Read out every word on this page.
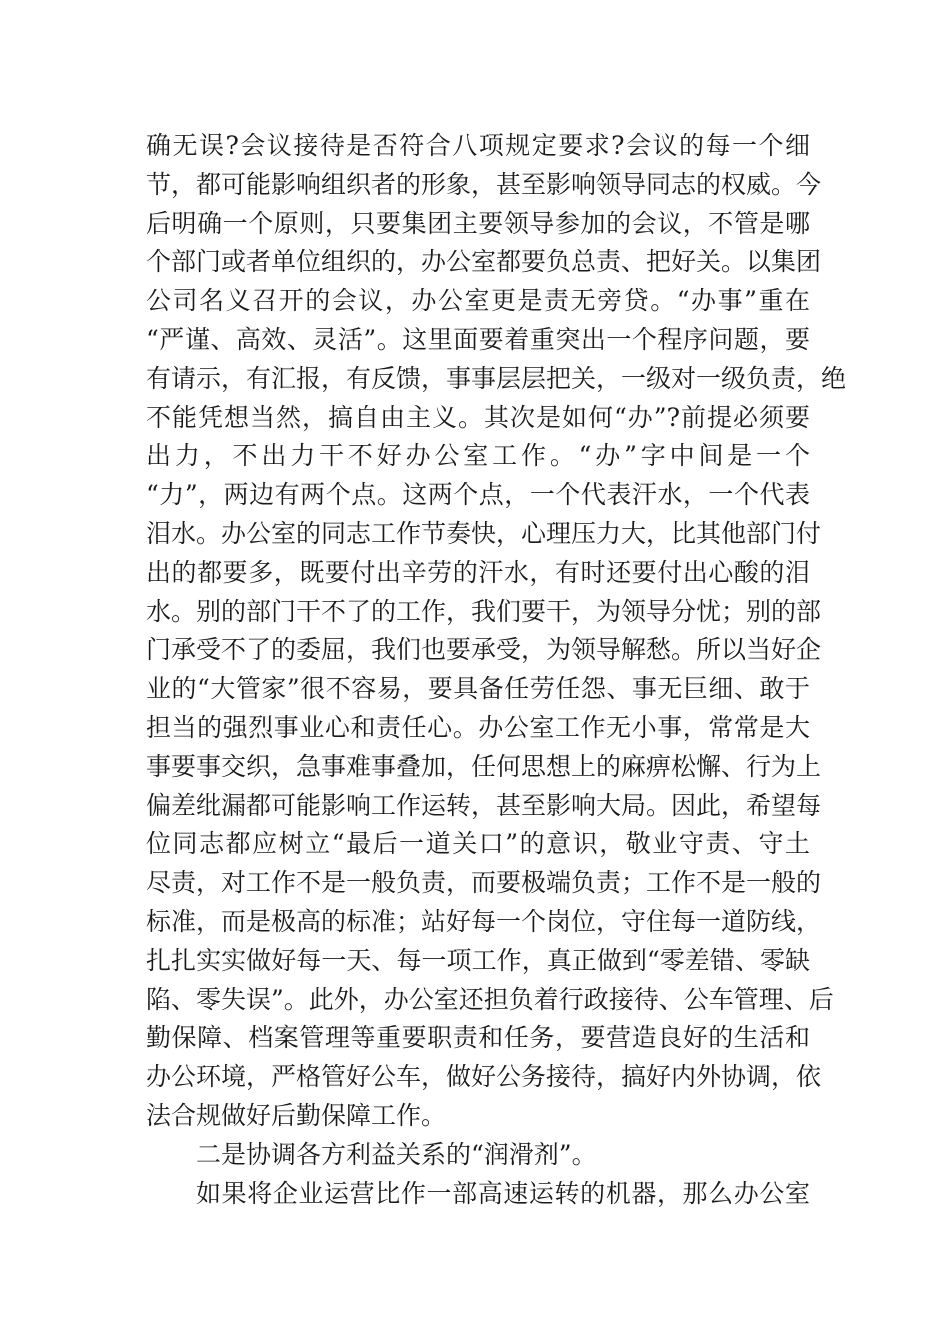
确无误?会议接待是否符合八项规定要求?会议的每一个细
节，都可能影响组织者的形象，甚至影响领导同志的权威。今
后明确一个原则，只要集团主要领导参加的会议，不管是哪
个部门或者单位组织的，办公室都要负总责、把好关。以集团
公司名义召开的会议，办公室更是责无旁贷。“办事”重在
“严谨、高效、灵活”。这里面要着重突出一个程序问题，要
有请示，有汇报，有反馈，事事层层把关，一级对一级负责，绝
不能凭想当然，搞自由主义。其次是如何“办”?前提必须要
出力，不出力干不好办公室工作。“办”字中间是一个
“力”，两边有两个点。这两个点，一个代表汗水，一个代表
泪水。办公室的同志工作节奏快，心理压力大，比其他部门付
出的都要多，既要付出辛劳的汗水，有时还要付出心酸的泪
水。别的部门干不了的工作，我们要干，为领导分忧；别的部
门承受不了的委屈，我们也要承受，为领导解愁。所以当好企
业的“大管家”很不容易，要具备任劳任怨、事无巨细、敢于
担当的强烈事业心和责任心。办公室工作无小事，常常是大
事要事交织，急事难事叠加，任何思想上的麻痹松懈、行为上
偏差纰漏都可能影响工作运转，甚至影响大局。因此，希望每
位同志都应树立“最后一道关口”的意识，敬业守责、守土
尽责，对工作不是一般负责，而要极端负责；工作不是一般的
标准，而是极高的标准；站好每一个岗位，守住每一道防线，
扎扎实实做好每一天、每一项工作，真正做到“零差错、零缺
陷、零失误”。此外，办公室还担负着行政接待、公车管理、后
勤保障、档案管理等重要职责和任务，要营造良好的生活和
办公环境，严格管好公车，做好公务接待，搞好内外协调，依
法合规做好后勤保障工作。
二是协调各方利益关系的“润滑剂”。
如果将企业运营比作一部高速运转的机器，那么办公室
